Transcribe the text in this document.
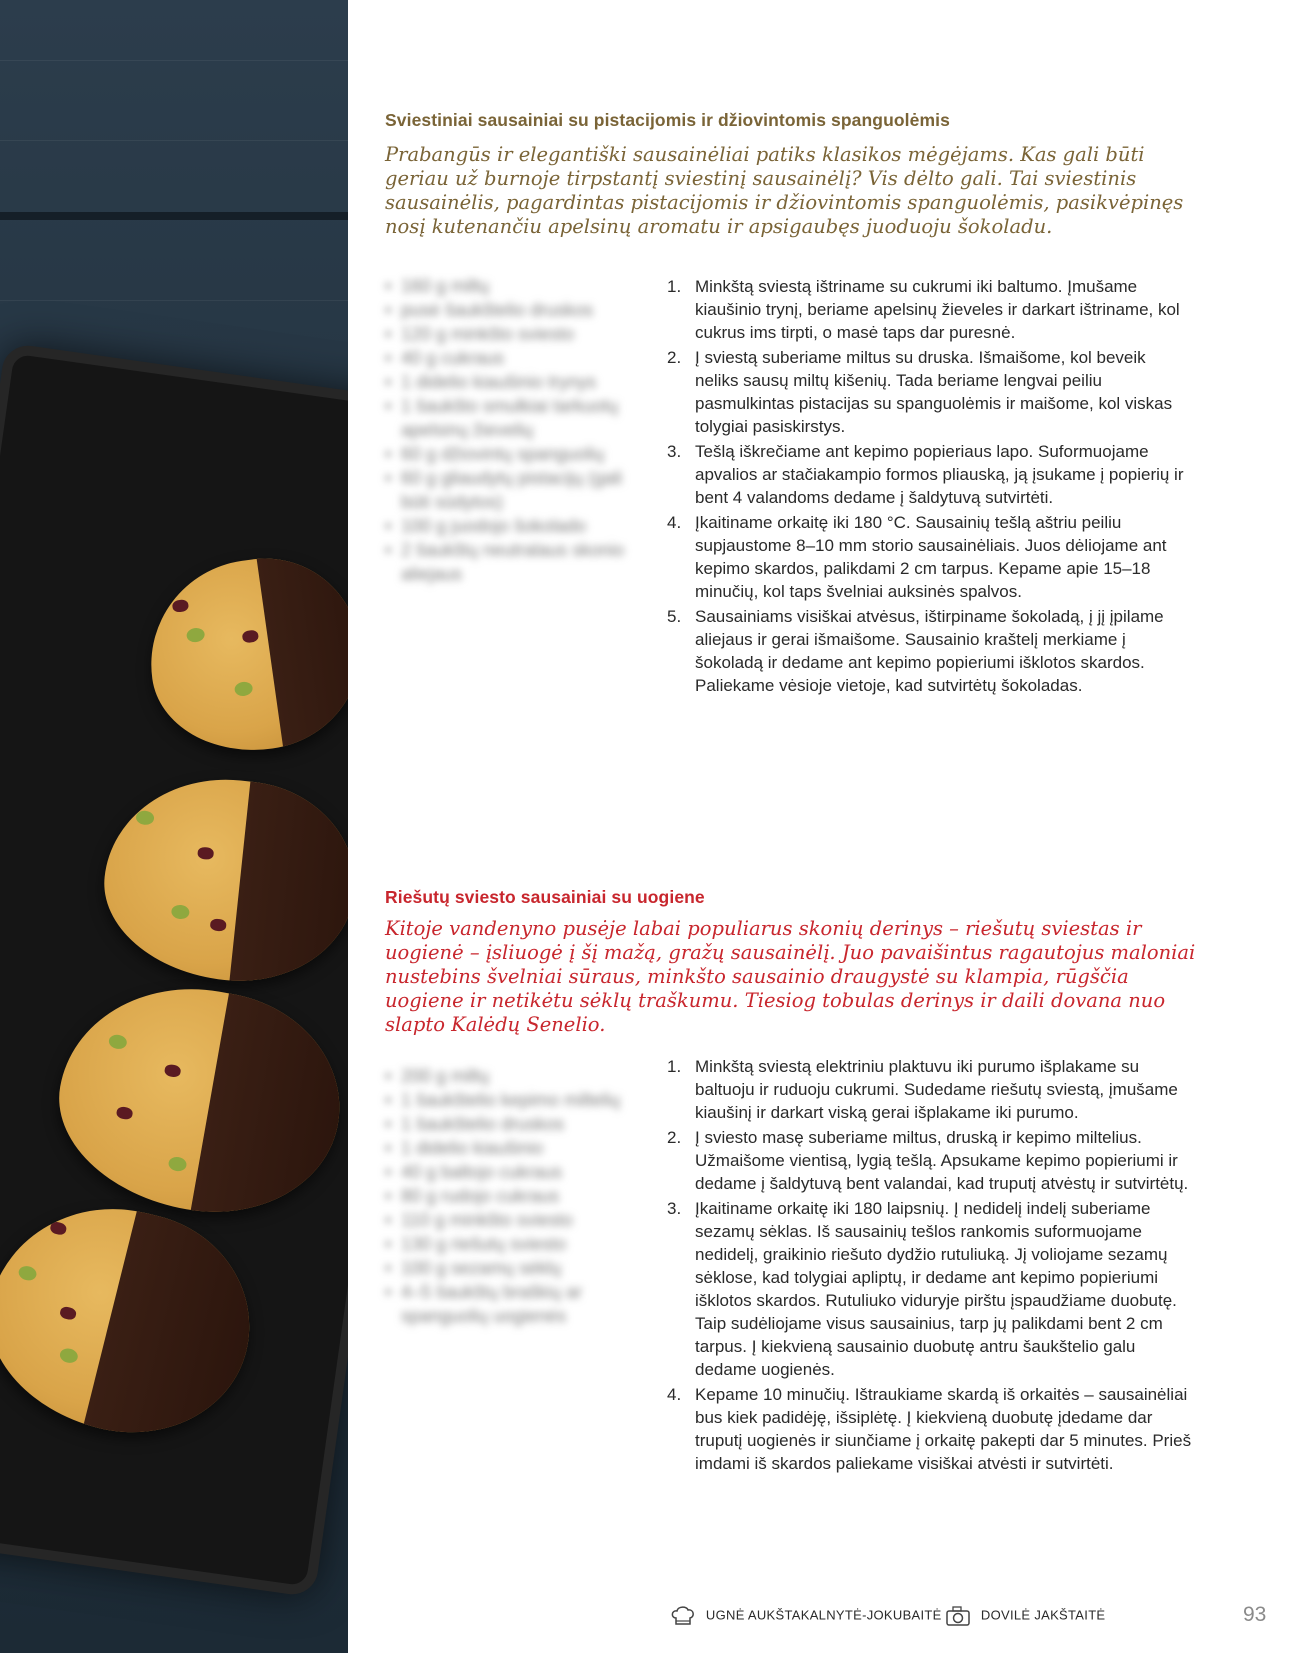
Sviestiniai sausainiai su pistacijomis ir džiovintomis spanguolėmis
Prabangūs ir elegantiški sausainėliai patiks klasikos mėgėjams. Kas gali būti geriau už burnoje tirpstantį sviestinį sausainėlį? Vis dėlto gali. Tai sviestinis sausainėlis, pagardintas pistacijomis ir džiovintomis spanguolėmis, pasikvėpinęs nosį kutenančiu apelsinų aromatu ir apsigaubęs juoduoju šokoladu.
• 160 g miltų
• pusė šaukštelio druskos
• 120 g minkšto sviesto
• 40 g cukraus
• 1 didelio kiaušinio trynys
• 1 šaukšto smulkiai tarkuotų apelsinų žievelių
• 60 g džiovintų spanguolių
• 60 g gliaudytų pistacijų (gali būti sūdytos)
• 100 g juodojo šokolado
• 2 šaukštų neutralaus skonio aliejaus
1. Minkštą sviestą ištriname su cukrumi iki baltumo. Įmušame kiaušinio trynį, beriame apelsinų žieveles ir darkart ištriname, kol cukrus ims tirpti, o masė taps dar puresnė.
2. Į sviestą suberiame miltus su druska. Išmaišome, kol beveik neliks sausų miltų kišenių. Tada beriame lengvai peiliu pasmulkintas pistacijas su spanguolėmis ir maišome, kol viskas tolygiai pasiskirstys.
3. Tešlą iškrečiame ant kepimo popieriaus lapo. Suformuojame apvalios ar stačiakampio formos pliauską, ją įsukame į popierių ir bent 4 valandoms dedame į šaldytuvą sutvirtėti.
4. Įkaitiname orkaitę iki 180 °C. Sausainių tešlą aštriu peiliu supjaustome 8–10 mm storio sausainėliais. Juos dėliojame ant kepimo skardos, palikdami 2 cm tarpus. Kepame apie 15–18 minučių, kol taps švelniai auksinės spalvos.
5. Sausainiams visiškai atvėsus, ištirpiname šokoladą, į jį įpilame aliejaus ir gerai išmaišome. Sausainio kraštelį merkiame į šokoladą ir dedame ant kepimo popieriumi išklotos skardos. Paliekame vėsioje vietoje, kad sutvirtėtų šokoladas.
Riešutų sviesto sausainiai su uogiene
Kitoje vandenyno pusėje labai populiarus skonių derinys – riešutų sviestas ir uogienė – įsliuogė į šį mažą, gražų sausainėlį. Juo pavaišintus ragautojus maloniai nustebins švelniai sūraus, minkšto sausainio draugystė su klampia, rūgščia uogiene ir netikėtu sėklų traškumu. Tiesiog tobulas derinys ir daili dovana nuo slapto Kalėdų Senelio.
• 200 g miltų
• 1 šaukštelio kepimo miltelių
• 1 šaukštelio druskos
• 1 didelio kiaušinio
• 40 g baltojo cukraus
• 80 g rudojo cukraus
• 110 g minkšto sviesto
• 130 g riešutų sviesto
• 100 g sezamų sėklų
• 4–5 šaukštų braškių ar spanguolių uogienės
1. Minkštą sviestą elektriniu plaktuvu iki purumo išplakame su baltuoju ir ruduoju cukrumi. Sudedame riešutų sviestą, įmušame kiaušinį ir darkart viską gerai išplakame iki purumo.
2. Į sviesto masę suberiame miltus, druską ir kepimo miltelius. Užmaišome vientisą, lygią tešlą. Apsukame kepimo popieriumi ir dedame į šaldytuvą bent valandai, kad truputį atvėstų ir sutvirtėtų.
3. Įkaitiname orkaitę iki 180 laipsnių. Į nedidelį indelį suberiame sezamų sėklas. Iš sausainių tešlos rankomis suformuojame nedidelį, graikinio riešuto dydžio rutuliuką. Jį voliojame sezamų sėklose, kad tolygiai apliptų, ir dedame ant kepimo popieriumi išklotos skardos. Rutuliuko viduryje pirštu įspaudžiame duobutę. Taip sudėliojame visus sausainius, tarp jų palikdami bent 2 cm tarpus. Į kiekvieną sausainio duobutę antru šaukštelio galu dedame uogienės.
4. Kepame 10 minučių. Ištraukiame skardą iš orkaitės – sausainėliai bus kiek padidėję, išsiplėtę. Į kiekvieną duobutę įdedame dar truputį uogienės ir siunčiame į orkaitę pakepti dar 5 minutes. Prieš imdami iš skardos paliekame visiškai atvėsti ir sutvirtėti.
UGNĖ AUKŠTAKALNYTĖ-JOKUBAITĖ	DOVILĖ JAKŠTAITĖ	93
